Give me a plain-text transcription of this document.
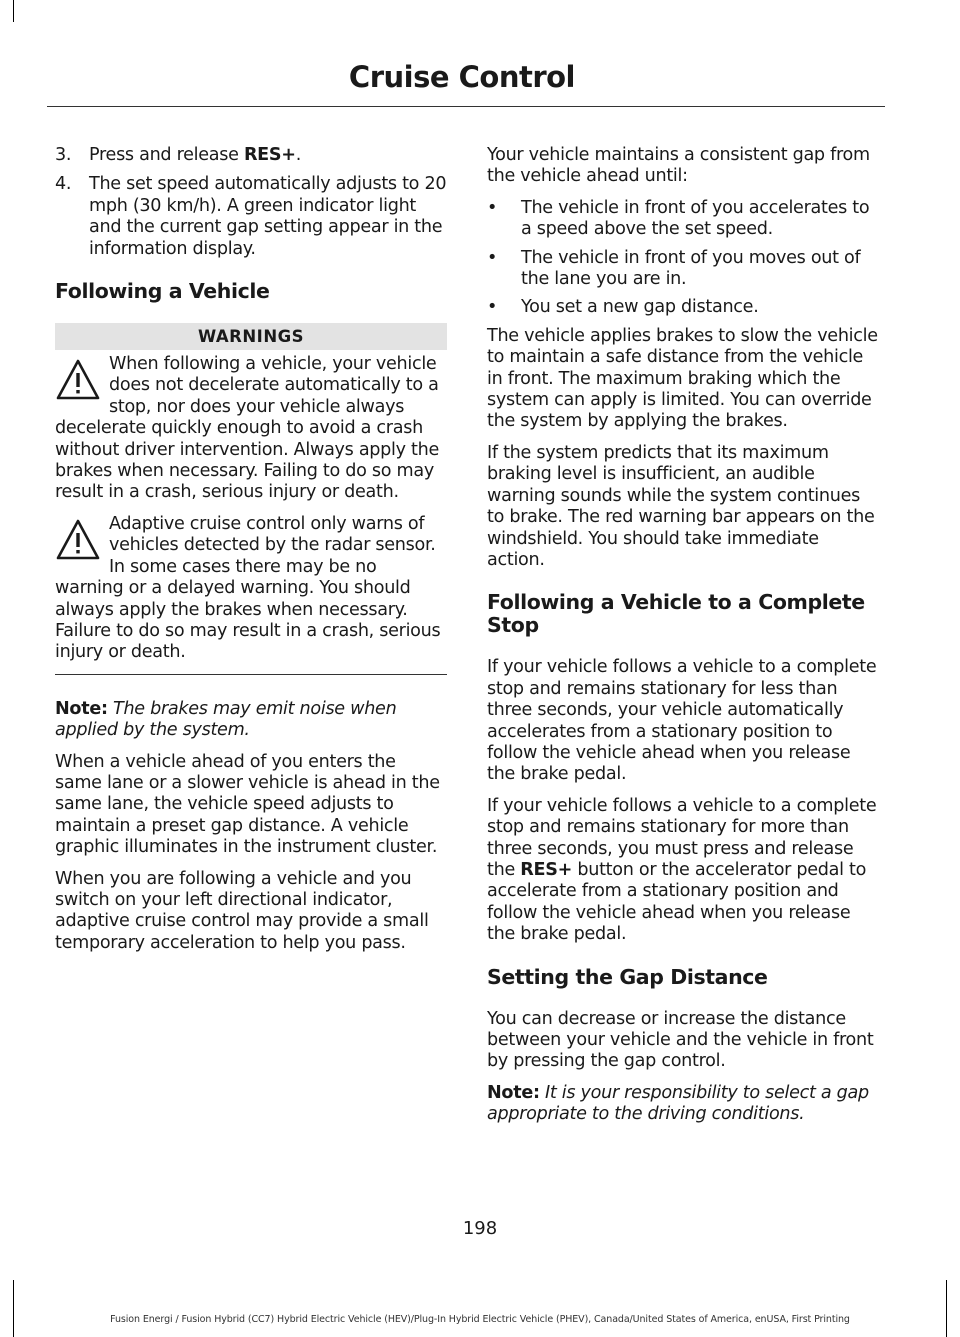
Cruise Control
3. Press and release RES+.
4. The set speed automatically adjusts to 20 mph (30 km/h). A green indicator light and the current gap setting appear in the information display.
Following a Vehicle
WARNINGS
When following a vehicle, your vehicle does not decelerate automatically to a stop, nor does your vehicle always decelerate quickly enough to avoid a crash without driver intervention. Always apply the brakes when necessary. Failing to do so may result in a crash, serious injury or death.
Adaptive cruise control only warns of vehicles detected by the radar sensor. In some cases there may be no warning or a delayed warning. You should always apply the brakes when necessary. Failure to do so may result in a crash, serious injury or death.

Note: The brakes may emit noise when applied by the system.

When a vehicle ahead of you enters the same lane or a slower vehicle is ahead in the same lane, the vehicle speed adjusts to maintain a preset gap distance. A vehicle graphic illuminates in the instrument cluster.

When you are following a vehicle and you switch on your left directional indicator, adaptive cruise control may provide a small temporary acceleration to help you pass.

Your vehicle maintains a consistent gap from the vehicle ahead until:

• The vehicle in front of you accelerates to a speed above the set speed.
• The vehicle in front of you moves out of the lane you are in.
• You set a new gap distance.

The vehicle applies brakes to slow the vehicle to maintain a safe distance from the vehicle in front. The maximum braking which the system can apply is limited. You can override the system by applying the brakes.

If the system predicts that its maximum braking level is insufficient, an audible warning sounds while the system continues to brake. The red warning bar appears on the windshield. You should take immediate action.

Following a Vehicle to a Complete Stop

If your vehicle follows a vehicle to a complete stop and remains stationary for less than three seconds, your vehicle automatically accelerates from a stationary position to follow the vehicle ahead when you release the brake pedal.

If your vehicle follows a vehicle to a complete stop and remains stationary for more than three seconds, you must press and release the RES+ button or the accelerator pedal to accelerate from a stationary position and follow the vehicle ahead when you release the brake pedal.

Setting the Gap Distance

You can decrease or increase the distance between your vehicle and the vehicle in front by pressing the gap control.

Note: It is your responsibility to select a gap appropriate to the driving conditions.

198
Fusion Energi / Fusion Hybrid (CC7) Hybrid Electric Vehicle (HEV)/Plug-In Hybrid Electric Vehicle (PHEV), Canada/United States of America, enUSA, First Printing
